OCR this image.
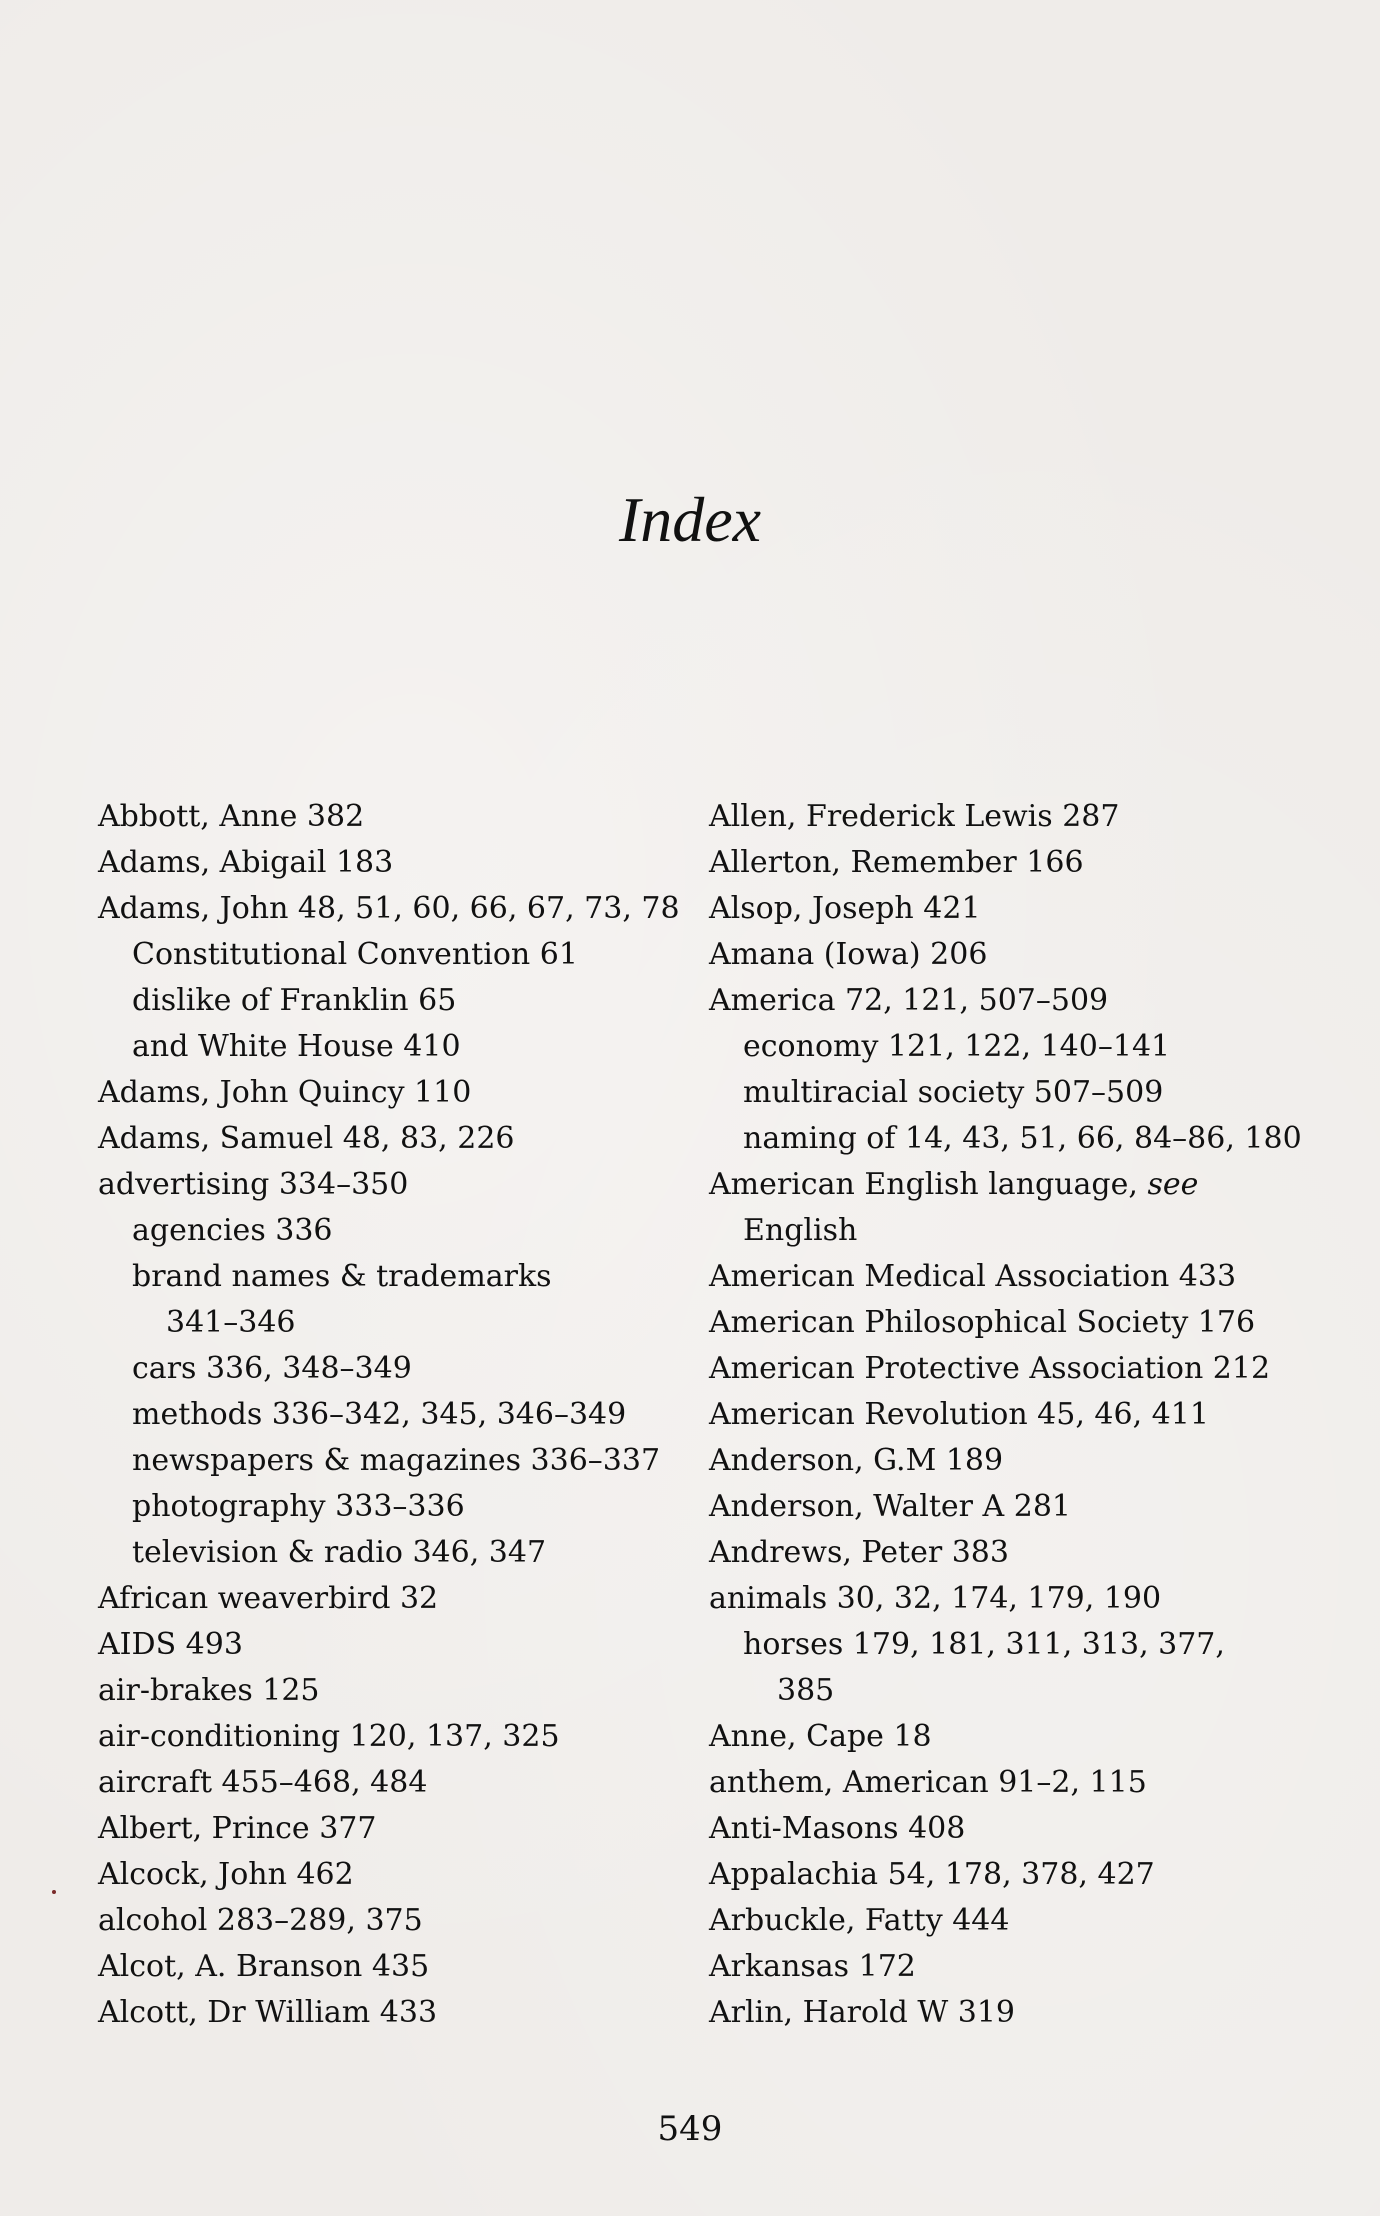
Index
Abbott, Anne 382
Adams, Abigail 183
Adams, John 48, 51, 60, 66, 67, 73, 78
Constitutional Convention 61
dislike of Franklin 65
and White House 410
Adams, John Quincy 110
Adams, Samuel 48, 83, 226
advertising 334–350
agencies 336
brand names & trademarks
341–346
cars 336, 348–349
methods 336–342, 345, 346–349
newspapers & magazines 336–337
photography 333–336
television & radio 346, 347
African weaverbird 32
AIDS 493
air-brakes 125
air-conditioning 120, 137, 325
aircraft 455–468, 484
Albert, Prince 377
Alcock, John 462
alcohol 283–289, 375
Alcot, A. Branson 435
Alcott, Dr William 433
Allen, Frederick Lewis 287
Allerton, Remember 166
Alsop, Joseph 421
Amana (Iowa) 206
America 72, 121, 507–509
economy 121, 122, 140–141
multiracial society 507–509
naming of 14, 43, 51, 66, 84–86, 180
American English language, see
English
American Medical Association 433
American Philosophical Society 176
American Protective Association 212
American Revolution 45, 46, 411
Anderson, G.M 189
Anderson, Walter A 281
Andrews, Peter 383
animals 30, 32, 174, 179, 190
horses 179, 181, 311, 313, 377,
385
Anne, Cape 18
anthem, American 91–2, 115
Anti-Masons 408
Appalachia 54, 178, 378, 427
Arbuckle, Fatty 444
Arkansas 172
Arlin, Harold W 319
549
